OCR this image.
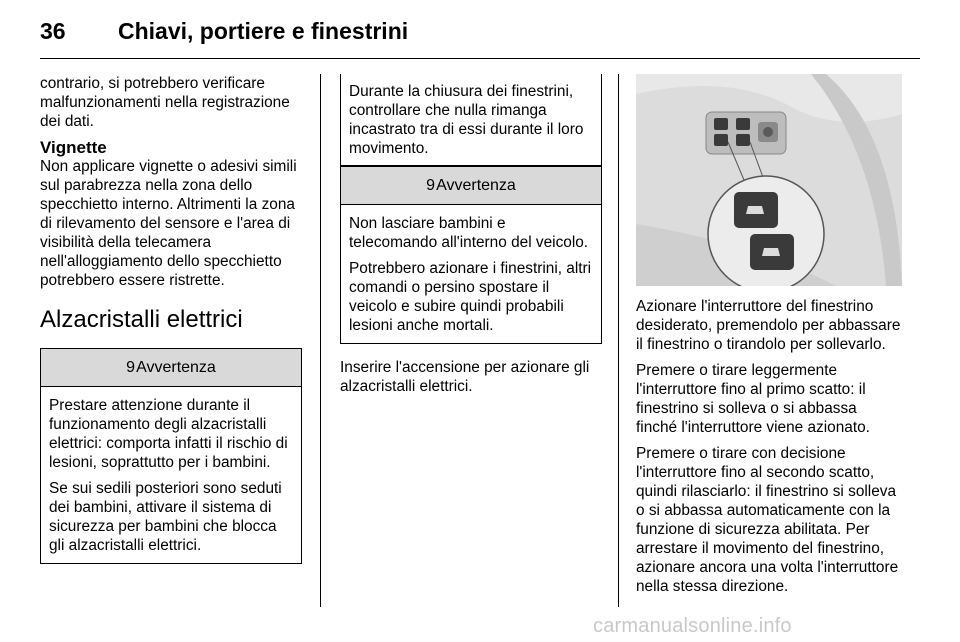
36 Chiavi, portiere e finestrini

contrario, si potrebbero verificare malfunzionamenti nella registrazione dei dati.

Vignette

Non applicare vignette o adesivi simili sul parabrezza nella zona dello specchietto interno. Altrimenti la zona di rilevamento del sensore e l'area di visibilità della telecamera nell'alloggiamento dello specchietto potrebbero essere ristrette.

Alzacristalli elettrici
9Avvertenza

Prestare attenzione durante il funzionamento degli alzacristalli elettrici: comporta infatti il rischio di lesioni, soprattutto per i bambini.

Se sui sedili posteriori sono seduti dei bambini, attivare il sistema di sicurezza per bambini che blocca gli alzacristalli elettrici.

Durante la chiusura dei finestrini, controllare che nulla rimanga incastrato tra di essi durante il loro movimento.

9Avvertenza

Non lasciare bambini e telecomando all'interno del veicolo.

Potrebbero azionare i finestrini, altri comandi o persino spostare il veicolo e subire quindi probabili lesioni anche mortali.

Inserire l'accensione per azionare gli alzacristalli elettrici.

Azionare l'interruttore del finestrino desiderato, premendolo per abbassare il finestrino o tirandolo per sollevarlo.

Premere o tirare leggermente l'interruttore fino al primo scatto: il finestrino si solleva o si abbassa finché l'interruttore viene azionato.

Premere o tirare con decisione l'interruttore fino al secondo scatto, quindi rilasciarlo: il finestrino si solleva o si abbassa automaticamente con la funzione di sicurezza abilitata. Per arrestare il movimento del finestrino, azionare ancora una volta l'interruttore nella stessa direzione.

carmanualsonline.info
